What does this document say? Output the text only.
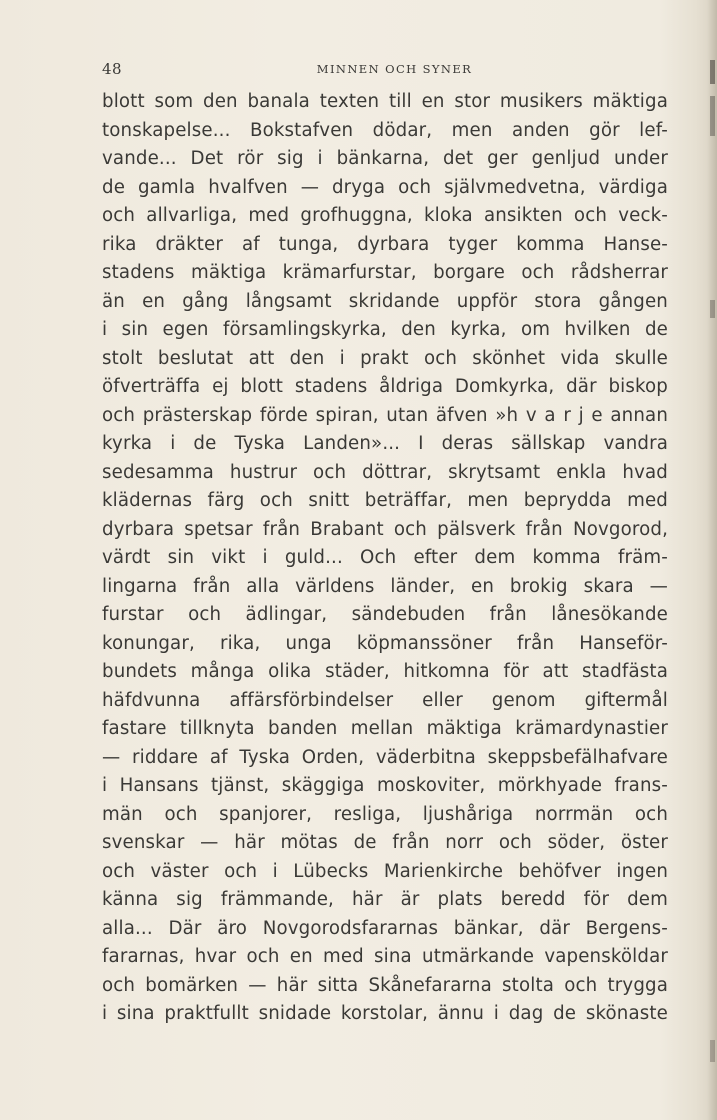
48	MINNEN OCH SYNER
blott som den banala texten till en stor musikers mäktiga
tonskapelse... Bokstafven dödar, men anden gör lef-
vande... Det rör sig i bänkarna, det ger genljud under
de gamla hvalfven — dryga och självmedvetna, värdiga
och allvarliga, med grofhuggna, kloka ansikten och veck-
rika dräkter af tunga, dyrbara tyger komma Hanse-
stadens mäktiga krämarfurstar, borgare och rådsherrar
än en gång långsamt skridande uppför stora gången
i sin egen församlingskyrka, den kyrka, om hvilken de
stolt beslutat att den i prakt och skönhet vida skulle
öfverträffa ej blott stadens åldriga Domkyrka, där biskop
och prästerskap förde spiran, utan äfven »h v a r j e annan
kyrka i de Tyska Landen»... I deras sällskap vandra
sedesamma hustrur och döttrar, skrytsamt enkla hvad
klädernas färg och snitt beträffar, men beprydda med
dyrbara spetsar från Brabant och pälsverk från Novgorod,
värdt sin vikt i guld... Och efter dem komma främ-
lingarna från alla världens länder, en brokig skara —
furstar och ädlingar, sändebuden från lånesökande
konungar, rika, unga köpmanssöner från Hanseför-
bundets många olika städer, hitkomna för att stadfästa
häfdvunna affärsförbindelser eller genom giftermål
fastare tillknyta banden mellan mäktiga krämardynastier
— riddare af Tyska Orden, väderbitna skeppsbefälhafvare
i Hansans tjänst, skäggiga moskoviter, mörkhyade frans-
män och spanjorer, resliga, ljushåriga norrmän och
svenskar — här mötas de från norr och söder, öster
och väster och i Lübecks Marienkirche behöfver ingen
känna sig främmande, här är plats beredd för dem
alla... Där äro Novgorodsfararnas bänkar, där Bergens-
fararnas, hvar och en med sina utmärkande vapensköldar
och bomärken — här sitta Skånefararna stolta och trygga
i sina praktfullt snidade korstolar, ännu i dag de skönaste
